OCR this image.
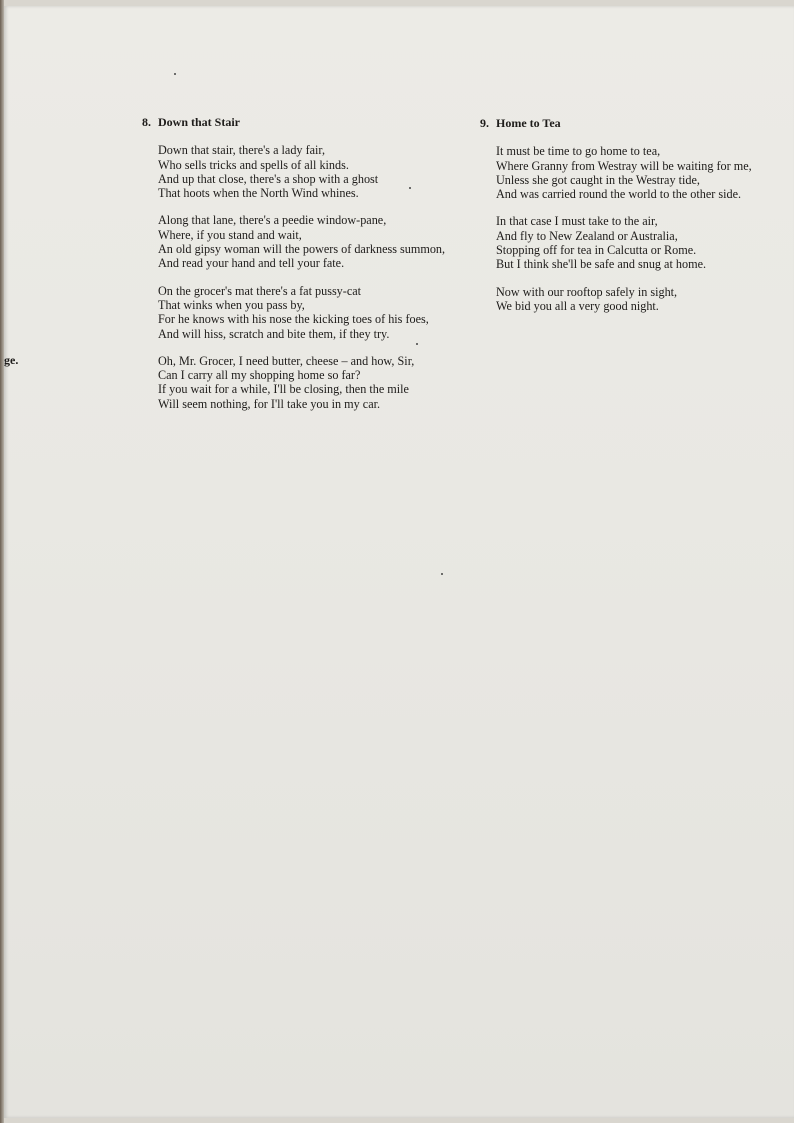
ge.
8. Down that Stair
Down that stair, there's a lady fair,
Who sells tricks and spells of all kinds.
And up that close, there's a shop with a ghost
That hoots when the North Wind whines.
Along that lane, there's a peedie window-pane,
Where, if you stand and wait,
An old gipsy woman will the powers of darkness summon,
And read your hand and tell your fate.
On the grocer's mat there's a fat pussy-cat
That winks when you pass by,
For he knows with his nose the kicking toes of his foes,
And will hiss, scratch and bite them, if they try.
Oh, Mr. Grocer, I need butter, cheese – and how, Sir,
Can I carry all my shopping home so far?
If you wait for a while, I'll be closing, then the mile
Will seem nothing, for I'll take you in my car.
9. Home to Tea
It must be time to go home to tea,
Where Granny from Westray will be waiting for me,
Unless she got caught in the Westray tide,
And was carried round the world to the other side.
In that case I must take to the air,
And fly to New Zealand or Australia,
Stopping off for tea in Calcutta or Rome.
But I think she'll be safe and snug at home.
Now with our rooftop safely in sight,
We bid you all a very good night.
